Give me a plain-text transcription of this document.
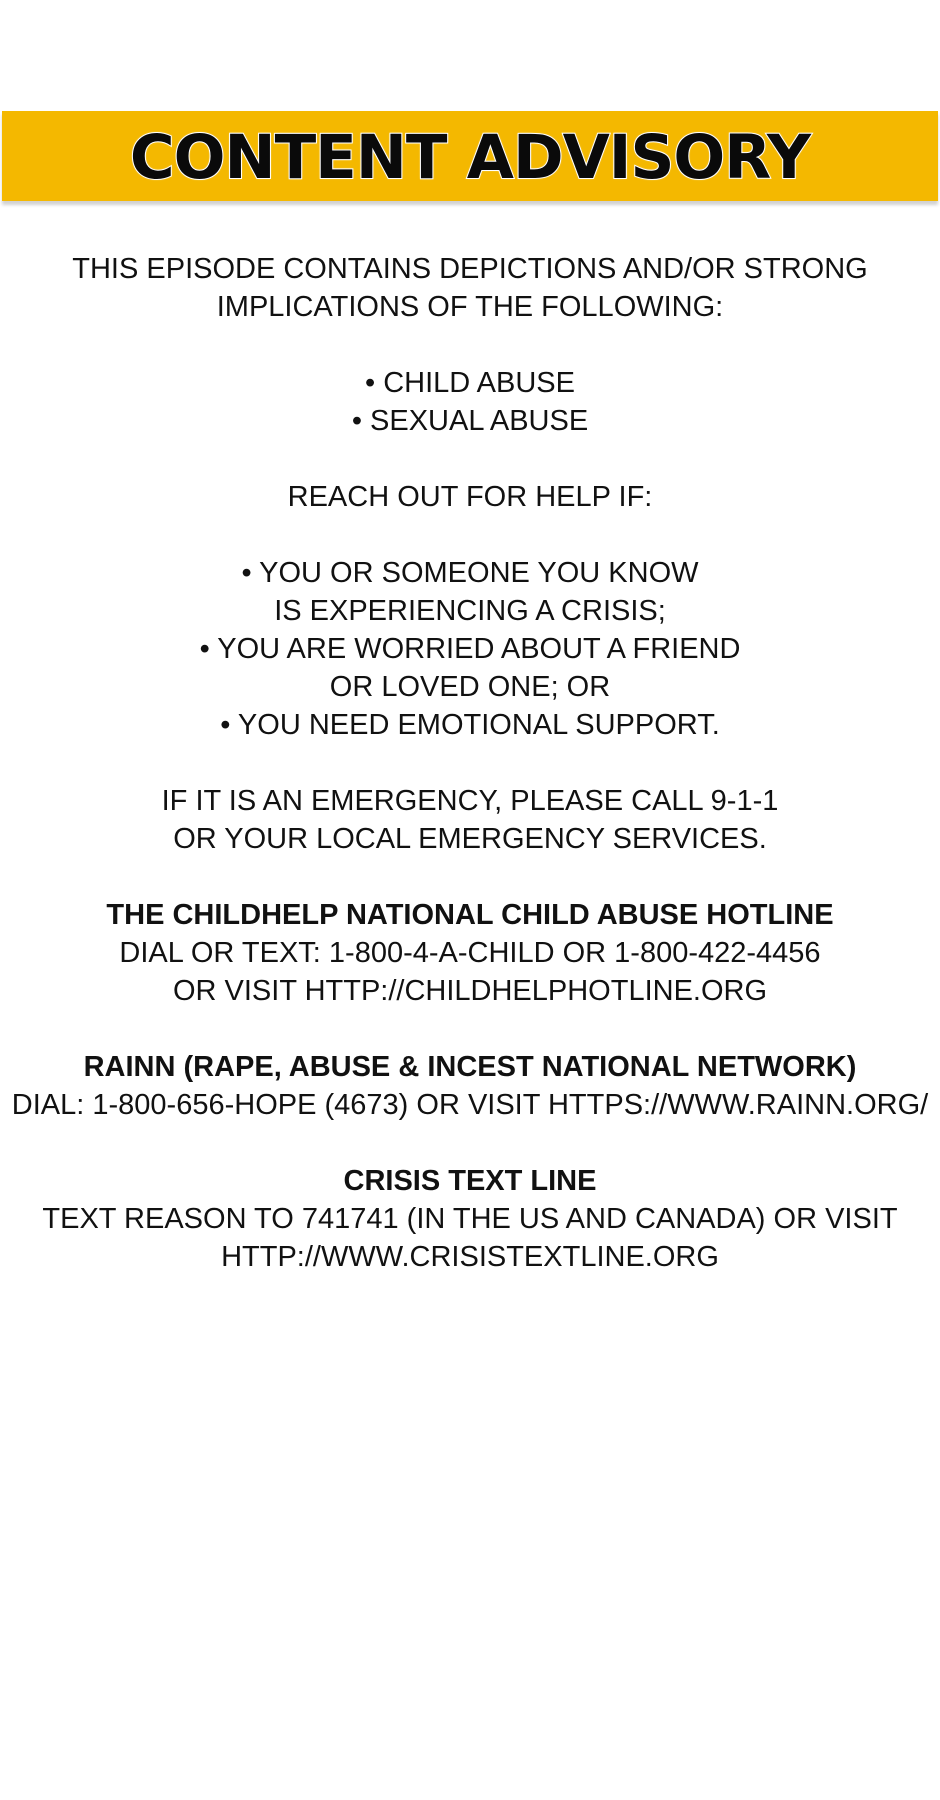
CONTENT ADVISORY
THIS EPISODE CONTAINS DEPICTIONS AND/OR STRONG
IMPLICATIONS OF THE FOLLOWING:
• CHILD ABUSE
• SEXUAL ABUSE
REACH OUT FOR HELP IF:
• YOU OR SOMEONE YOU KNOW
IS EXPERIENCING A CRISIS;
• YOU ARE WORRIED ABOUT A FRIEND
OR LOVED ONE; OR
• YOU NEED EMOTIONAL SUPPORT.
IF IT IS AN EMERGENCY, PLEASE CALL 9-1-1
OR YOUR LOCAL EMERGENCY SERVICES.
THE CHILDHELP NATIONAL CHILD ABUSE HOTLINE
DIAL OR TEXT: 1-800-4-A-CHILD OR 1-800-422-4456
OR VISIT HTTP://CHILDHELPHOTLINE.ORG
RAINN (RAPE, ABUSE & INCEST NATIONAL NETWORK)
DIAL: 1-800-656-HOPE (4673) OR VISIT HTTPS://WWW.RAINN.ORG/
CRISIS TEXT LINE
TEXT REASON TO 741741 (IN THE US AND CANADA) OR VISIT
HTTP://WWW.CRISISTEXTLINE.ORG
